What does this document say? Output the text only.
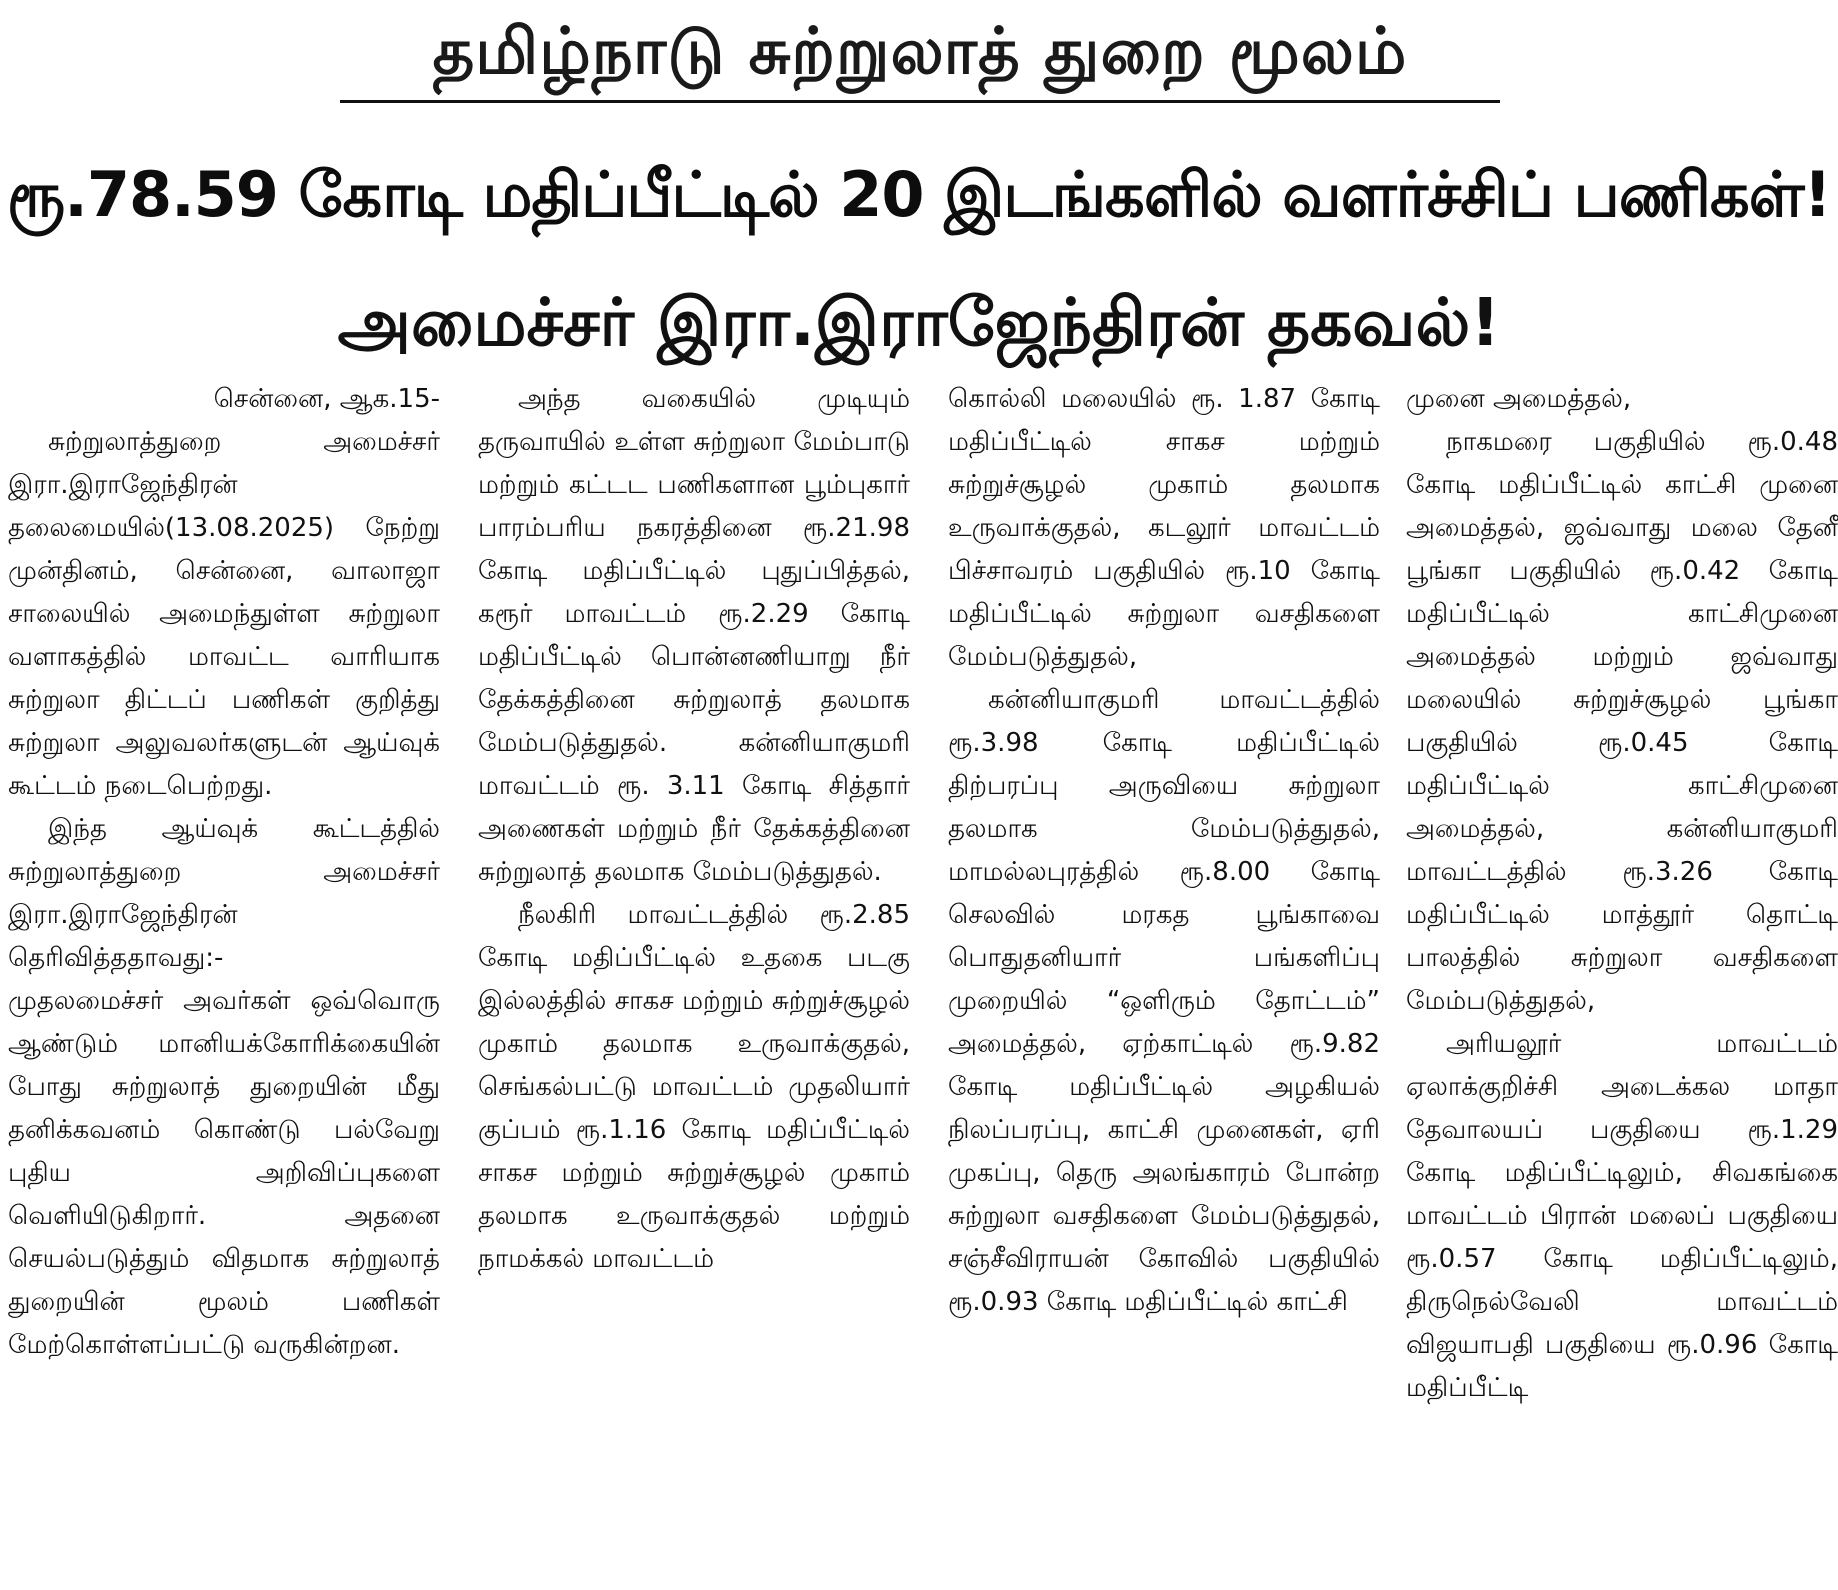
தமிழ்நாடு சுற்றுலாத் துறை மூலம்
ரூ.78.59 கோடி மதிப்பீட்டில் 20 இடங்களில் வளர்ச்சிப் பணிகள்!
அமைச்சர் இரா.இராஜேந்திரன் தகவல்!

சென்னை, ஆக.15-

சுற்றுலாத்துறை அமைச்சர் இரா.இராஜேந்திரன் தலைமையில்(13.08.2025) நேற்று முன்தினம், சென்னை, வாலாஜா சாலையில் அமைந்துள்ள சுற்றுலா வளாகத்தில் மாவட்ட வாரியாக சுற்றுலா திட்டப் பணிகள் குறித்து சுற்றுலா அலுவலர்களுடன் ஆய்வுக் கூட்டம் நடைபெற்றது.

இந்த ஆய்வுக் கூட்டத்தில் சுற்றுலாத்துறை அமைச்சர் இரா.இராஜேந்திரன் தெரிவித்ததாவது:-

முதலமைச்சர் அவர்கள் ஒவ்வொரு ஆண்டும் மானியக்கோரிக்கையின் போது சுற்றுலாத் துறையின் மீது தனிக்கவனம் கொண்டு பல்வேறு புதிய அறிவிப்புகளை வெளியிடுகிறார். அதனை செயல்படுத்தும் விதமாக சுற்றுலாத் துறையின் மூலம் பணிகள் மேற்கொள்ளப்பட்டு வருகின்றன.

அந்த வகையில் முடியும் தருவாயில் உள்ள சுற்றுலா மேம்பாடு மற்றும் கட்டட பணிகளான பூம்புகார் பாரம்பரிய நகரத்தினை ரூ.21.98 கோடி மதிப்பீட்டில் புதுப்பித்தல், கரூர் மாவட்டம் ரூ.2.29 கோடி மதிப்பீட்டில் பொன்னணியாறு நீர் தேக்கத்தினை சுற்றுலாத் தலமாக மேம்படுத்துதல். கன்னியாகுமரி மாவட்டம் ரூ. 3.11 கோடி சித்தார் அணைகள் மற்றும் நீர் தேக்கத்தினை சுற்றுலாத் தலமாக மேம்படுத்துதல்.

நீலகிரி மாவட்டத்தில் ரூ.2.85 கோடி மதிப்பீட்டில் உதகை படகு இல்லத்தில் சாகச மற்றும் சுற்றுச்சூழல் முகாம் தலமாக உருவாக்குதல், செங்கல்பட்டு மாவட்டம் முதலியார் குப்பம் ரூ.1.16 கோடி மதிப்பீட்டில் சாகச மற்றும் சுற்றுச்சூழல் முகாம் தலமாக உருவாக்குதல் மற்றும் நாமக்கல் மாவட்டம்

கொல்லி மலையில் ரூ. 1.87 கோடி மதிப்பீட்டில் சாகச மற்றும் சுற்றுச்சூழல் முகாம் தலமாக உருவாக்குதல், கடலூர் மாவட்டம் பிச்சாவரம் பகுதியில் ரூ.10 கோடி மதிப்பீட்டில் சுற்றுலா வசதிகளை மேம்படுத்துதல்,

கன்னியாகுமரி மாவட்டத்தில் ரூ.3.98 கோடி மதிப்பீட்டில் திற்பரப்பு அருவியை சுற்றுலா தலமாக மேம்படுத்துதல், மாமல்லபுரத்தில் ரூ.8.00 கோடி செலவில் மரகத பூங்காவை பொதுதனியார் பங்களிப்பு முறையில் “ஒளிரும் தோட்டம்” அமைத்தல், ஏற்காட்டில் ரூ.9.82 கோடி மதிப்பீட்டில் அழகியல் நிலப்பரப்பு, காட்சி முனைகள், ஏரி முகப்பு, தெரு அலங்காரம் போன்ற சுற்றுலா வசதிகளை மேம்படுத்துதல், சஞ்சீவிராயன் கோவில் பகுதியில் ரூ.0.93 கோடி மதிப்பீட்டில் காட்சி

முனை அமைத்தல்,

நாகமரை பகுதியில் ரூ.0.48 கோடி மதிப்பீட்டில் காட்சி முனை அமைத்தல், ஜவ்வாது மலை தேனீ பூங்கா பகுதியில் ரூ.0.42 கோடி மதிப்பீட்டில் காட்சிமுனை அமைத்தல் மற்றும் ஜவ்வாது மலையில் சுற்றுச்சூழல் பூங்கா பகுதியில் ரூ.0.45 கோடி மதிப்பீட்டில் காட்சிமுனை அமைத்தல், கன்னியாகுமரி மாவட்டத்தில் ரூ.3.26 கோடி மதிப்பீட்டில் மாத்தூர் தொட்டி பாலத்தில் சுற்றுலா வசதிகளை மேம்படுத்துதல்,

அரியலூர் மாவட்டம் ஏலாக்குறிச்சி அடைக்கல மாதா தேவாலயப் பகுதியை ரூ.1.29 கோடி மதிப்பீட்டிலும், சிவகங்கை மாவட்டம் பிரான் மலைப் பகுதியை ரூ.0.57 கோடி மதிப்பீட்டிலும், திருநெல்வேலி மாவட்டம் விஜயாபதி பகுதியை ரூ.0.96 கோடி மதிப்பீட்டி
